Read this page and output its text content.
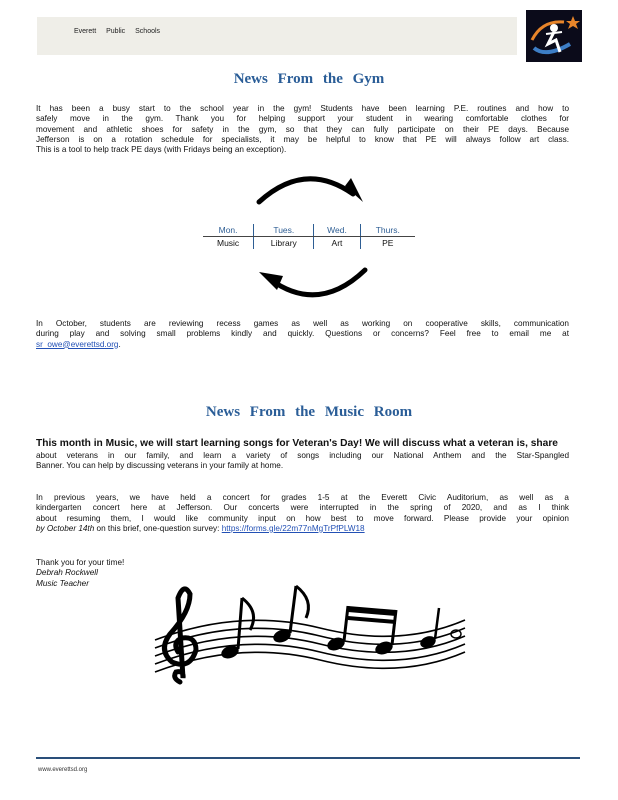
Everett Public Schools
News From the Gym
It has been a busy start to the school year in the gym! Students have been learning P.E. routines and how to
safely move in the gym. Thank you for helping support your student in wearing comfortable clothes for
movement and athletic shoes for safety in the gym, so that they can fully participate on their PE days. Because
Jefferson is on a rotation schedule for specialists, it may be helpful to know that PE will always follow art class.
This is a tool to help track PE days (with Fridays being an exception).
Mon.	Tues.	Wed.	Thurs.
Music	Library	Art	PE
In October, students are reviewing recess games as well as working on cooperative skills, communication
during play and solving small problems kindly and quickly. Questions or concerns? Feel free to email me at
sr_owe@everettsd.org.
News From the Music Room
This month in Music, we will start learning songs for Veteran's Day! We will discuss what a veteran is, share
about veterans in our family, and learn a variety of songs including our National Anthem and the Star-Spangled
Banner. You can help by discussing veterans in your family at home.
In previous years, we have held a concert for grades 1-5 at the Everett Civic Auditorium, as well as a
kindergarten concert here at Jefferson. Our concerts were interrupted in the spring of 2020, and as I think
about resuming them, I would like community input on how best to move forward. Please provide your opinion
by October 14th on this brief, one-question survey: https://forms.gle/22m77nMgTrPfPLW18
Thank you for your time!
Debrah Rockwell
Music Teacher
www.everettsd.org
